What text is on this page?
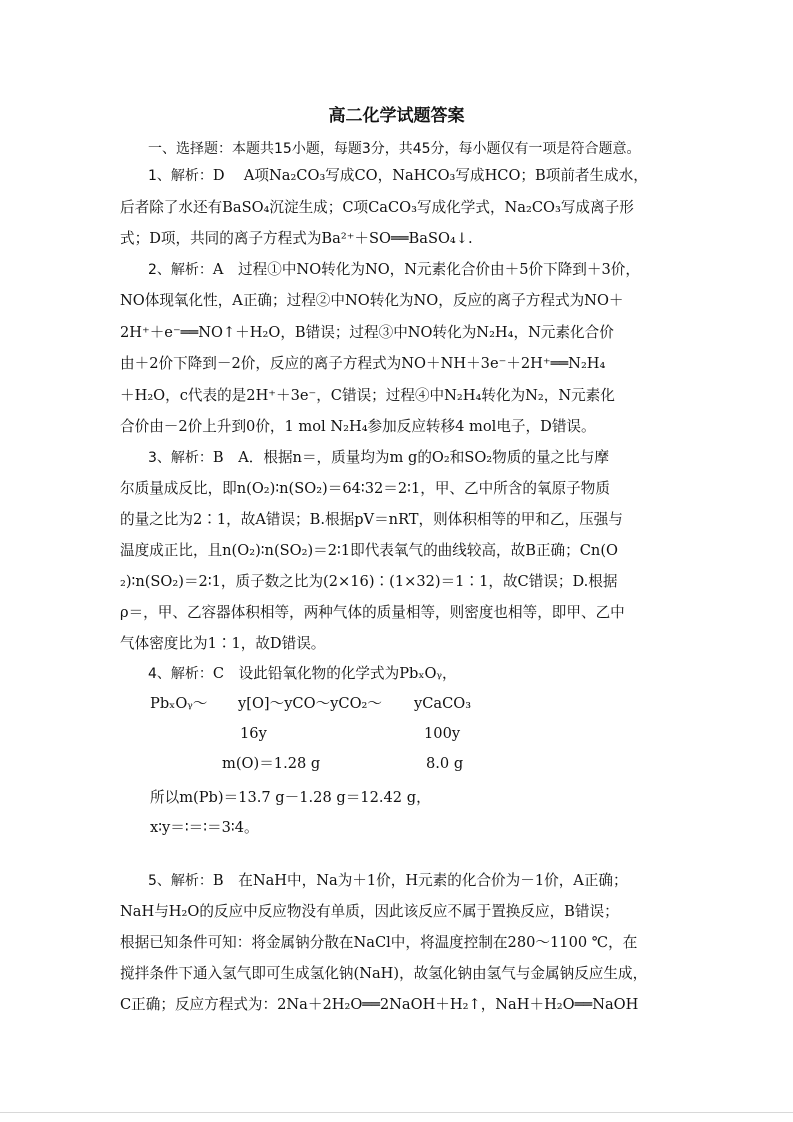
高二化学试题答案
一、选择题：本题共15小题，每题3分，共45分，每小题仅有一项是符合题意。
1、解析：D　 A项Na₂CO₃写成CO，NaHCO₃写成HCO；B项前者生成水，
后者除了水还有BaSO₄沉淀生成；C项CaCO₃写成化学式，Na₂CO₃写成离子形
式；D项，共同的离子方程式为Ba²⁺＋SO══BaSO₄↓.
2、解析：A　过程①中NO转化为NO，N元素化合价由＋5价下降到＋3价，
NO体现氧化性，A正确；过程②中NO转化为NO，反应的离子方程式为NO＋
2H⁺＋e⁻══NO↑＋H₂O，B错误；过程③中NO转化为N₂H₄，N元素化合价
由＋2价下降到－2价，反应的离子方程式为NO＋NH＋3e⁻＋2H⁺══N₂H₄
＋H₂O，c代表的是2H⁺＋3e⁻，C错误；过程④中N₂H₄转化为N₂，N元素化
合价由－2价上升到0价，1 mol N₂H₄参加反应转移4 mol电子，D错误。
3、解析：B　A．根据n＝，质量均为m g的O₂和SO₂物质的量之比与摩
尔质量成反比，即n(O₂)∶n(SO₂)＝64∶32＝2∶1，甲、乙中所含的氧原子物质
的量之比为2∶1，故A错误；B.根据pV＝nRT，则体积相等的甲和乙，压强与
温度成正比，且n(O₂)∶n(SO₂)＝2∶1即代表氧气的曲线较高，故B正确；Cn(O
₂)∶n(SO₂)＝2∶1，质子数之比为(2×16)∶(1×32)＝1∶1，故C错误；D.根据
ρ＝，甲、乙容器体积相等，两种气体的质量相等，则密度也相等，即甲、乙中
气体密度比为1∶1，故D错误。
4、解析：C　设此铅氧化物的化学式为PbₓOᵧ，
PbₓOᵧ～ y[O]～yCO～yCO₂～ yCaCO₃
16y	100y
m(O)＝1.28 g	8.0 g
所以m(Pb)＝13.7 g－1.28 g＝12.42 g，
x∶y＝∶＝∶＝3∶4。
5、解析：B　在NaH中，Na为＋1价，H元素的化合价为－1价，A正确；
NaH与H₂O的反应中反应物没有单质，因此该反应不属于置换反应，B错误；
根据已知条件可知：将金属钠分散在NaCl中，将温度控制在280～1100 ℃，在
搅拌条件下通入氢气即可生成氢化钠(NaH)，故氢化钠由氢气与金属钠反应生成，
C正确；反应方程式为：2Na＋2H₂O══2NaOH＋H₂↑，NaH＋H₂O══NaOH
